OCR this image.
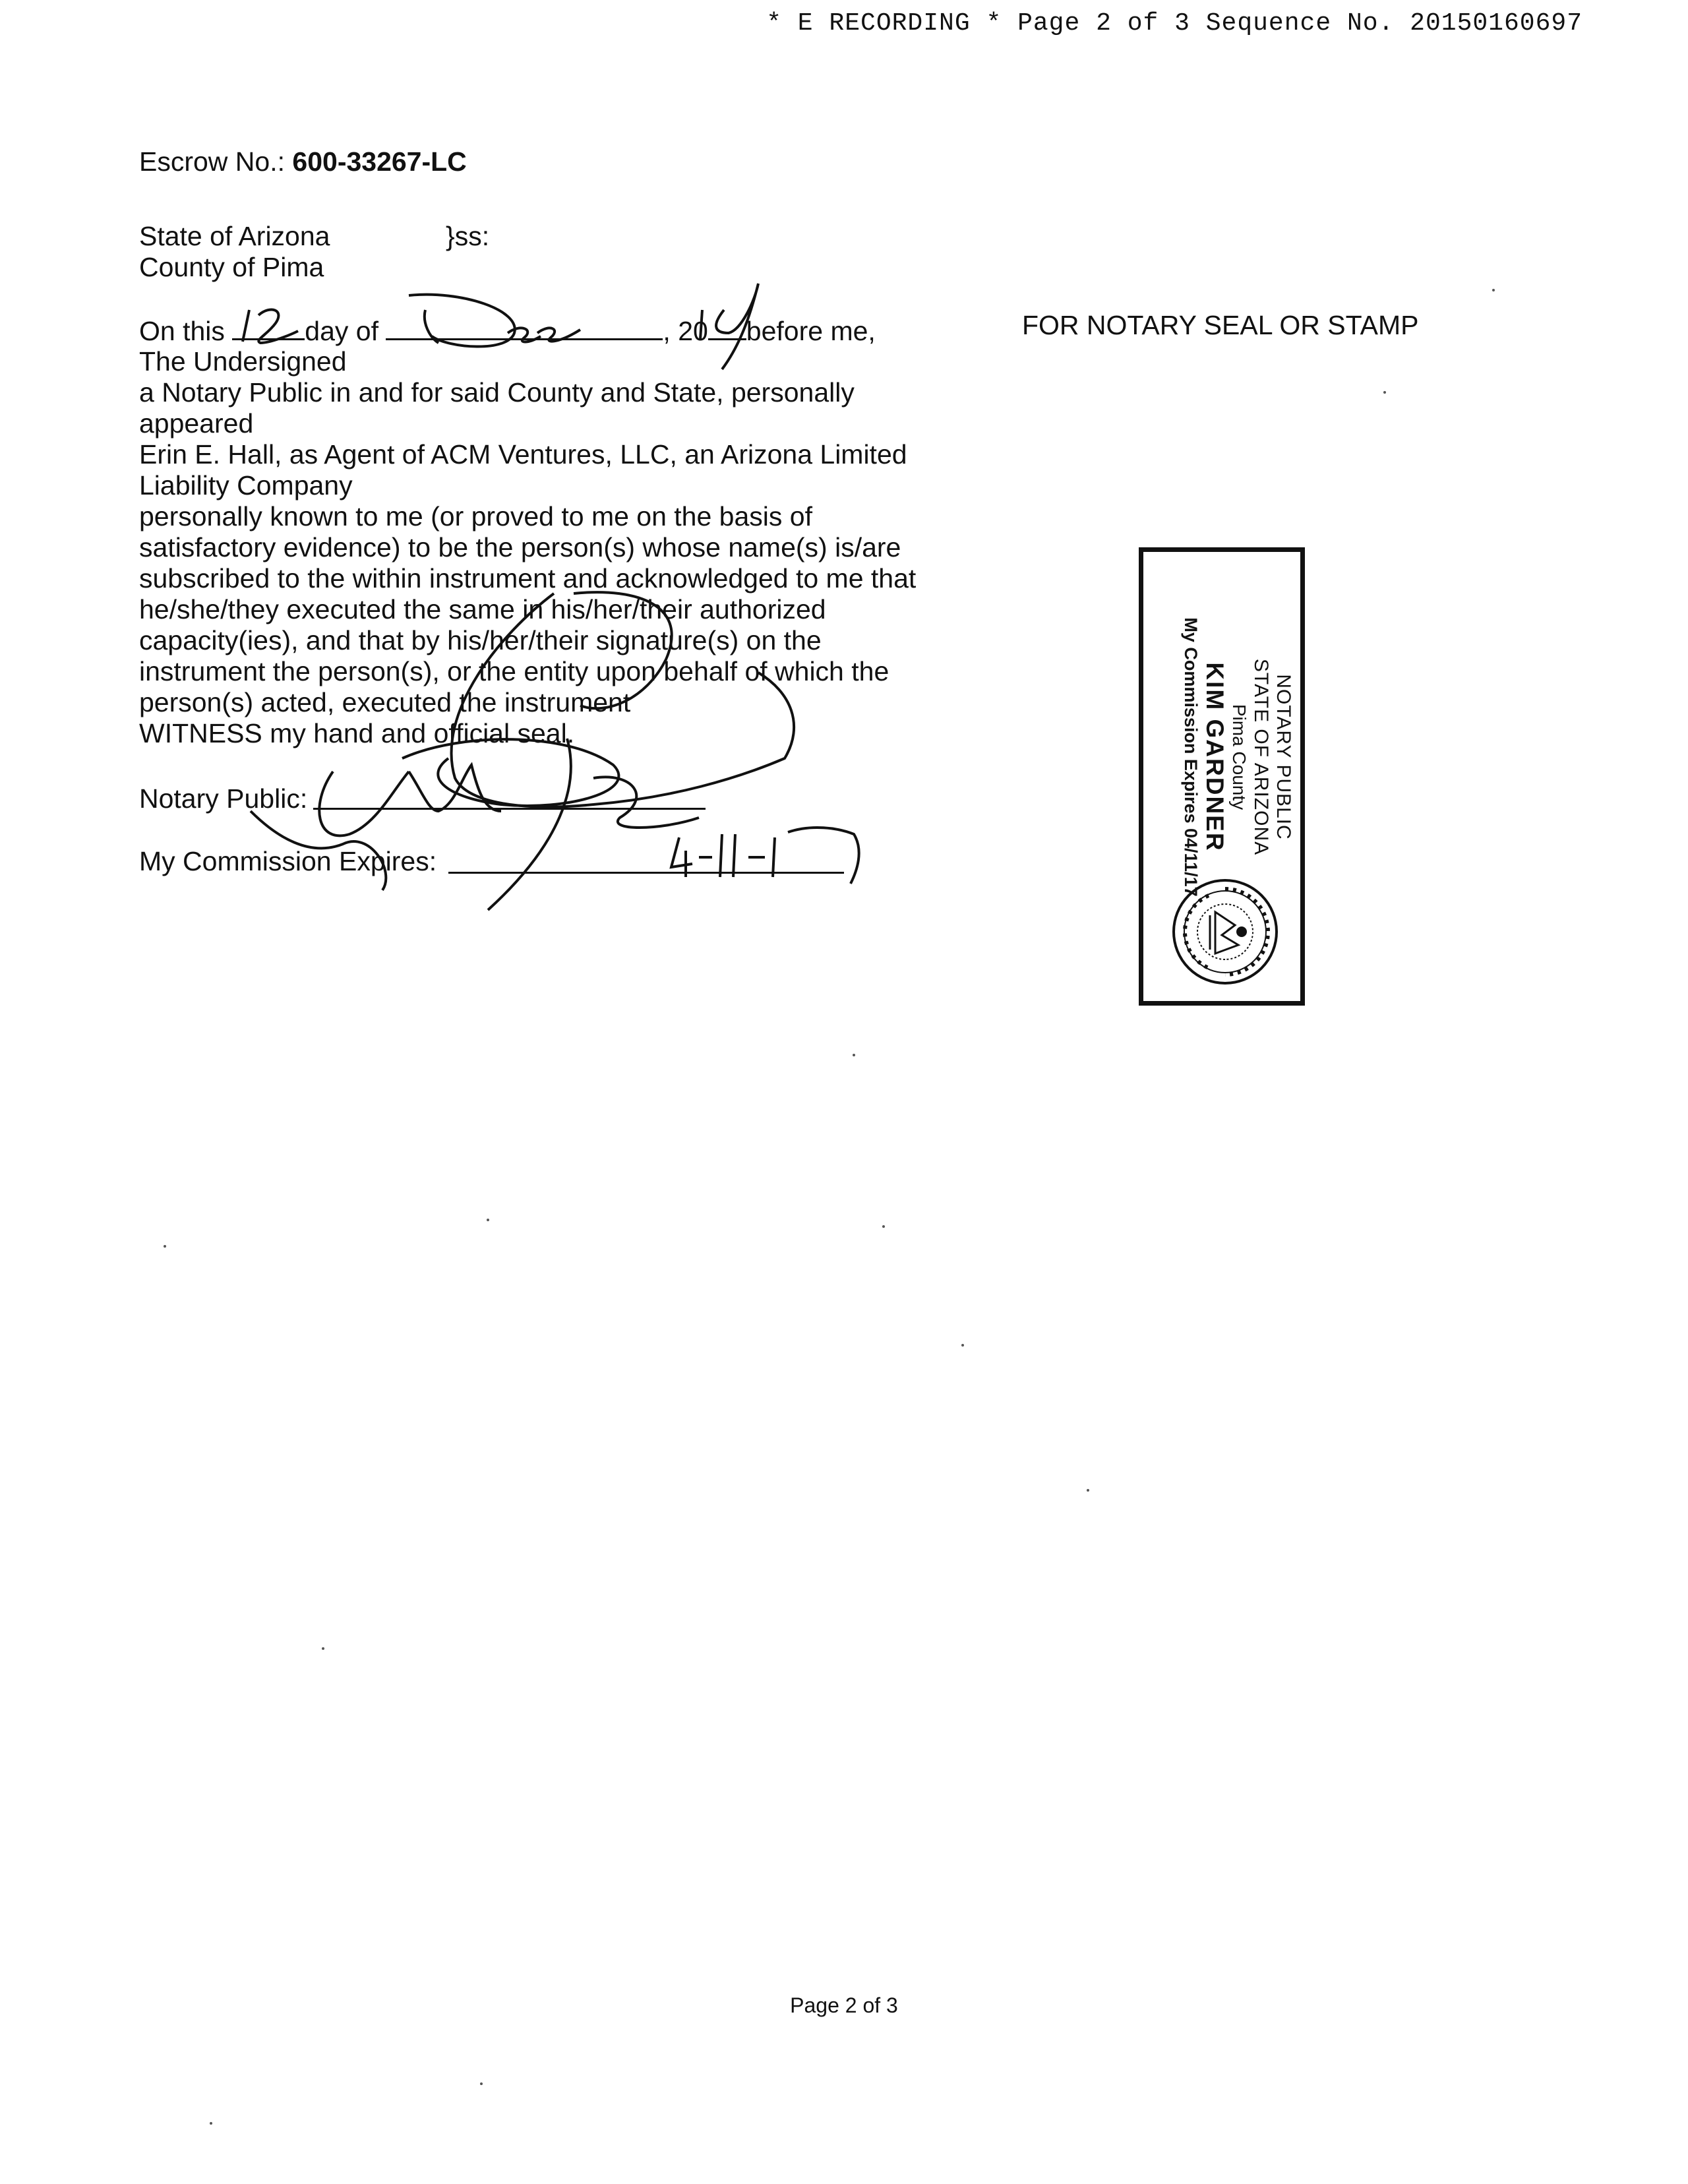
* E RECORDING * Page 2 of 3 Sequence No. 20150160697
Escrow No.: 600-33267-LC
State of Arizona	}ss:
County of Pima
On this	day of	, 20 before me,
The Undersigned
a Notary Public in and for said County and State, personally
appeared
Erin E. Hall, as Agent of ACM Ventures, LLC, an Arizona Limited
Liability Company
personally known to me (or proved to me on the basis of
satisfactory evidence) to be the person(s) whose name(s) is/are
subscribed to the within instrument and acknowledged to me that
he/she/they executed the same in his/her/their authorized
capacity(ies), and that by his/her/their signature(s) on the
instrument the person(s), or the entity upon behalf of which the
person(s) acted, executed the instrument
WITNESS my hand and official seal.
Notary Public:
My Commission Expires:
FOR NOTARY SEAL OR STAMP
NOTARY PUBLIC
STATE OF ARIZONA
Pima County
KIM GARDNER
My Commission Expires 04/11/17
Page 2 of 3
